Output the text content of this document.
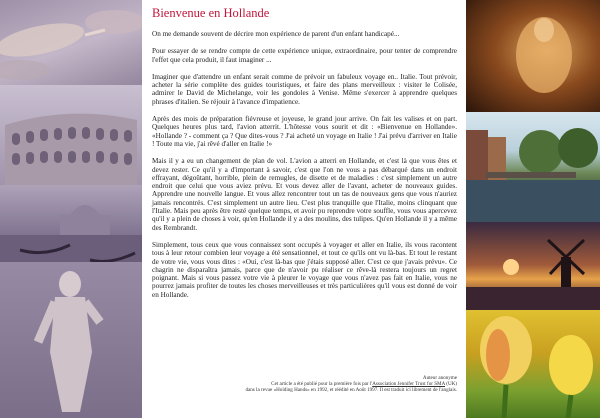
Bienvenue en Hollande

On me demande souvent de décrire mon expérience de parent d'un enfant handicapé...

Pour essayer de se rendre compte de cette expérience unique, extraordinaire, pour tenter de comprendre l'effet que cela produit, il faut imaginer ...

Imaginer que d'attendre un enfant serait comme de prévoir un fabuleux voyage en.. Italie. Tout prévoir, acheter la série complète des guides touristiques, et faire des plans merveilleux : visiter le Colisée, admirer le David de Michelange, voir les gondoles à Venise. Même s'exercer à apprendre quelques phrases d'italien. Se réjouir à l'avance d'impatience.

Après des mois de préparation fiévreuse et joyeuse, le grand jour arrive. On fait les valises et on part. Quelques heures plus tard, l'avion atterrit. L'hôtesse vous sourit et dit : «Bienvenue en Hollande». «Hollande ? - comment ça ? Que dites-vous ? J'ai acheté un voyage en Italie ! J'ai prévu d'arriver en Italie ! Toute ma vie, j'ai rêvé d'aller en Italie !»

Mais il y a eu un changement de plan de vol. L'avion a atterri en Hollande, et c'est là que vous êtes et devez rester. Ce qu'il y a d'important à savoir, c'est que l'on ne vous a pas débarqué dans un endroit effrayant, dégoûtant, horrible, plein de remugles, de disette et de maladies : c'est simplement un autre endroit que celui que vous aviez prévu. Et vous devez aller de l'avant, acheter de nouveaux guides. Apprendre une nouvelle langue. Et vous allez rencontrer tout un tas de nouveaux gens que vous n'auriez jamais rencontrés. C'est simplement un autre lieu. C'est plus tranquille que l'Italie, moins clinquant que l'Italie. Mais peu après être resté quelque temps, et avoir pu reprendre votre souffle, vous vous apercevez qu'il y a plein de choses à voir, qu'en Hollande il y a des moulins, des tulipes. Qu'en Hollande il y a même des Rembrandt.

Simplement, tous ceux que vous connaissez sont occupés à voyager et aller en Italie, ils vous racontent tous à leur retour combien leur voyage a été sensationnel, et tout ce qu'ils ont vu là-bas. Et tout le restant de votre vie, vous vous dites : «Oui, c'est là-bas que j'étais supposé aller. C'est ce que j'avais prévu». Ce chagrin ne disparaîtra jamais, parce que de n'avoir pu réaliser ce rêve-là restera toujours un regret poignant. Mais si vous passez votre vie à pleurer le voyage que vous n'avez pas fait en Italie, vous ne pourrez jamais profiter de toutes les choses merveilleuses et très particulières qu'il vous est donné de voir en Hollande.

Auteur anonyme
Cet article a été publié pour la première fois par l'Association Jennifer Trust for SMA (UK)
dans la revue «Holding Hands» en 1992, et réédité en Août 1997. Il est traduit ici librement de l'anglais.
